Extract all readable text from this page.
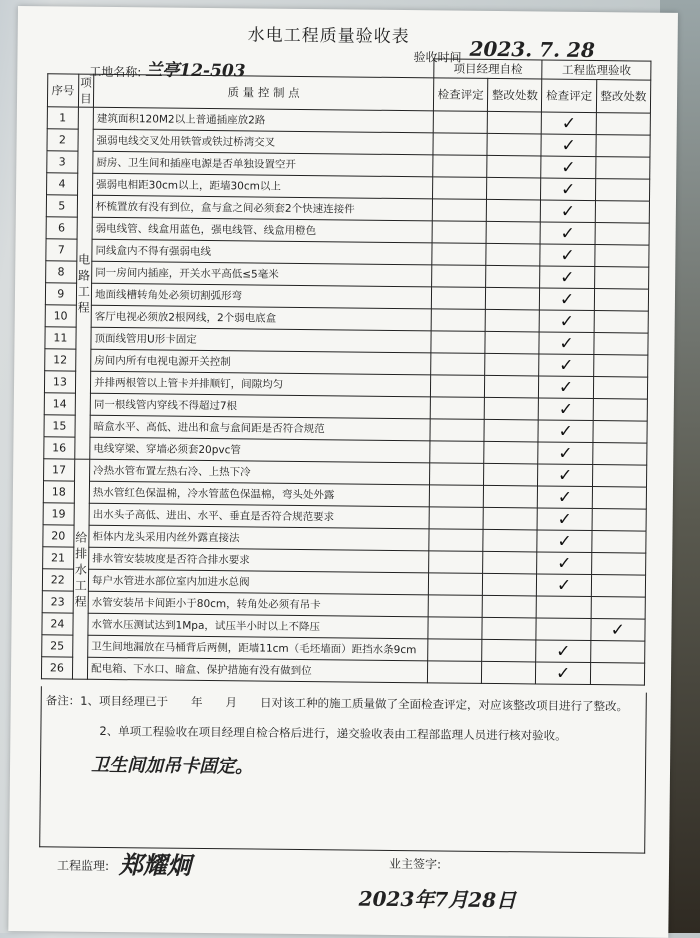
水电工程质量验收表
验收时间 2023. 7. 28
工地名称: 兰亭12-503
				项目经理自检		工程监理验收	
序号	项目	质 量 控 制 点	检查评定	整改处数	检查评定	整改处数
1	电路工程	建筑面积120M2以上普通插座放2路			✓	
2		强弱电线交叉处用铁管或铁过桥湾交叉			✓	
3		厨房、卫生间和插座电源是否单独设置空开			✓	
4		强弱电相距30cm以上，距墙30cm以上			✓	
5		杯梳置放有没有到位，盒与盒之间必须套2个快速连接件			✓	
6		弱电线管、线盒用蓝色，强电线管、线盒用橙色			✓	
7		同线盒内不得有强弱电线			✓	
8		同一房间内插座，开关水平高低≤5毫米			✓	
9		地面线槽转角处必须切割弧形弯			✓	
10		客厅电视必须放2根网线，2个弱电底盒			✓	
11		顶面线管用U形卡固定			✓	
12		房间内所有电视电源开关控制			✓	
13		并排两根管以上管卡并排顺钉，间隙均匀			✓	
14		同一根线管内穿线不得超过7根			✓	
15		暗盒水平、高低、进出和盒与盒间距是否符合规范			✓	
16		电线穿梁、穿墙必须套20pvc管			✓	
17	给排水工程	冷热水管布置左热右冷、上热下冷			✓	
18		热水管红色保温棉，冷水管蓝色保温棉，弯头处外露			✓	
19		出水头子高低、进出、水平、垂直是否符合规范要求			✓	
20		柜体内龙头采用内丝外露直接法			✓	
21		排水管安装坡度是否符合排水要求			✓	
22		每户水管进水部位室内加进水总阀			✓	
23		水管安装吊卡间距小于80cm，转角处必须有吊卡				
24		水管水压测试达到1Mpa，试压半小时以上不降压				✓
25		卫生间地漏放在马桶背后两侧，距墙11cm（毛坯墙面）距挡水条9cm			✓	
26		配电箱、下水口、暗盒、保护措施有没有做到位			✓	
备注：1、项目经理已于　　年　　月　　日对该工种的施工质量做了全面检查评定，对应该整改项目进行了整改。
2、单项工程验收在项目经理自检合格后进行，递交验收表由工程部监理人员进行核对验收。
卫生间加吊卡固定。
工程监理: 郑耀炯	业主签字:
2023年7月28日
